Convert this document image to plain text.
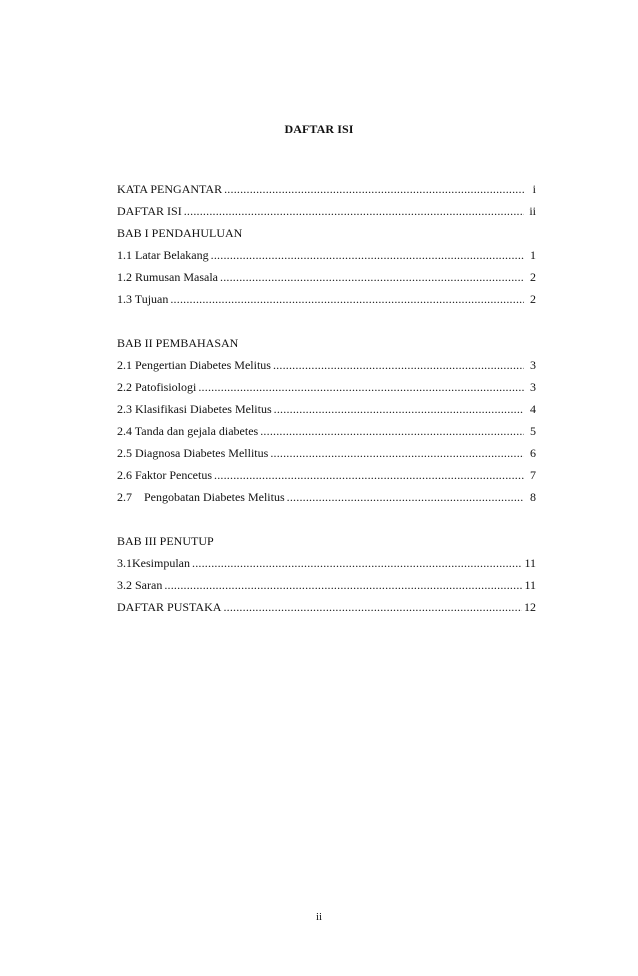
DAFTAR ISI
KATA PENGANTAR .....	i
DAFTAR ISI .....	ii
BAB I PENDAHULUAN
1.1 Latar Belakang .....	1
1.2 Rumusan Masala .....	2
1.3 Tujuan .....	2
BAB II PEMBAHASAN
2.1 Pengertian Diabetes Melitus .....	3
2.2 Patofisiologi .....	3
2.3 Klasifikasi Diabetes Melitus .....	4
2.4 Tanda dan gejala diabetes .....	5
2.5 Diagnosa Diabetes Mellitus .....	6
2.6 Faktor Pencetus .....	7
2.7    Pengobatan Diabetes Melitus .....	8
BAB III PENUTUP
3.1Kesimpulan .....	11
3.2 Saran .....	11
DAFTAR PUSTAKA .....	12
ii
